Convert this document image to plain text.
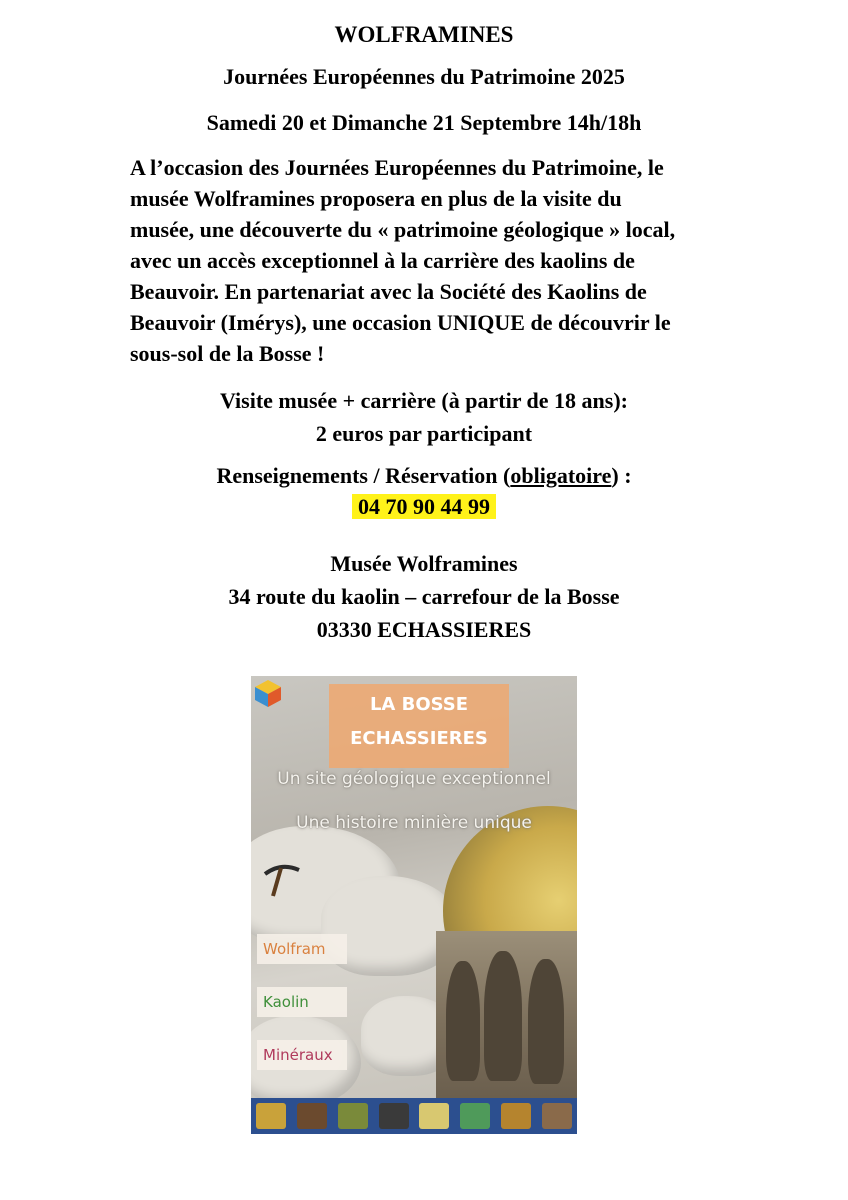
WOLFRAMINES
Journées Européennes du Patrimoine 2025
Samedi 20 et Dimanche 21 Septembre 14h/18h
A l’occasion des Journées Européennes du Patrimoine, le
musée Wolframines proposera en plus de la visite du
musée, une découverte du « patrimoine géologique » local,
avec un accès exceptionnel à la carrière des kaolins de
Beauvoir. En partenariat avec la Société des Kaolins de
Beauvoir (Imérys), une occasion UNIQUE de découvrir le
sous-sol de la Bosse !
Visite musée + carrière (à partir de 18 ans):
2 euros par participant
Renseignements / Réservation (obligatoire) :
04 70 90 44 99
Musée Wolframines
34 route du kaolin – carrefour de la Bosse
03330 ECHASSIERES
LA BOSSE
ECHASSIERES
Un site géologique exceptionnel
Une histoire minière unique
Wolfram
Kaolin
Minéraux
